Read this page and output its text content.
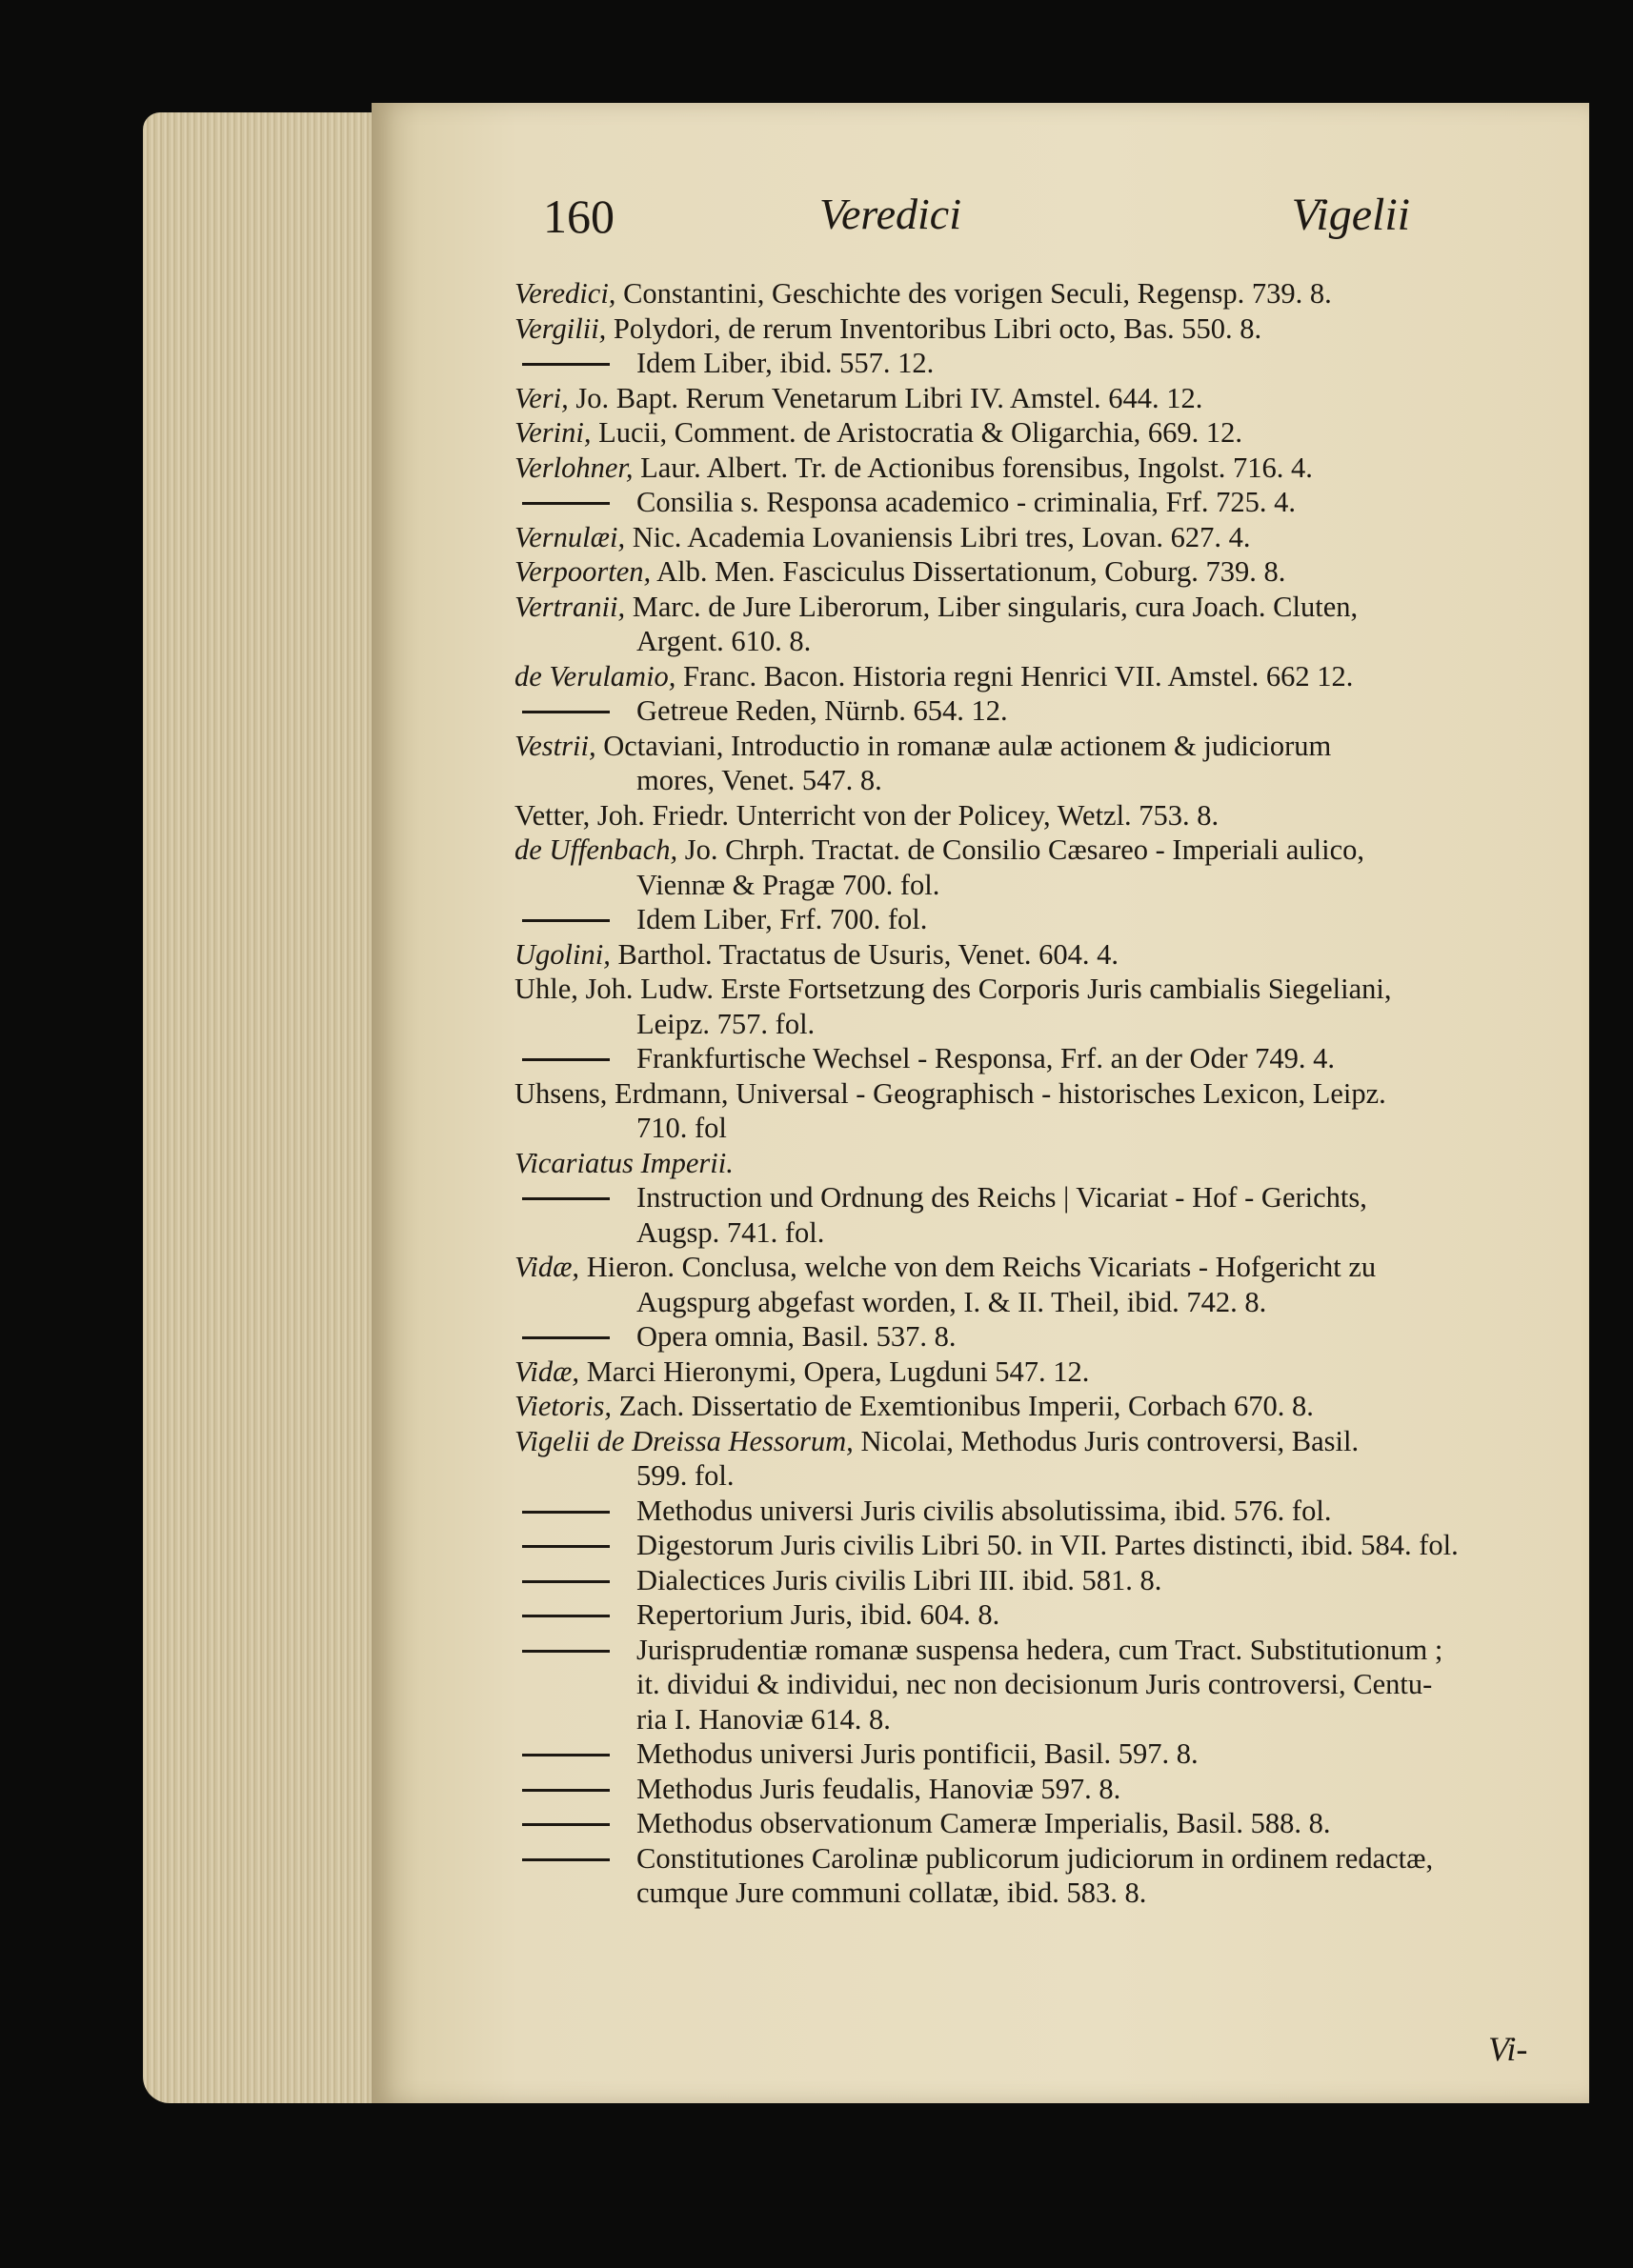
160	Veredici	Vigelii
Veredici, Constantini, Geschichte des vorigen Seculi, Regensp. 739. 8.
Vergilii, Polydori, de rerum Inventoribus Libri octo, Bas. 550. 8.
Idem Liber, ibid. 557. 12.
Veri, Jo. Bapt. Rerum Venetarum Libri IV. Amstel. 644. 12.
Verini, Lucii, Comment. de Aristocratia & Oligarchia, 669. 12.
Verlohner, Laur. Albert. Tr. de Actionibus forensibus, Ingolst. 716. 4.
Consilia s. Responsa academico - criminalia, Frf. 725. 4.
Vernulæi, Nic. Academia Lovaniensis Libri tres, Lovan. 627. 4.
Verpoorten, Alb. Men. Fasciculus Dissertationum, Coburg. 739. 8.
Vertranii, Marc. de Jure Liberorum, Liber singularis, cura Joach. Cluten,
Argent. 610. 8.
de Verulamio, Franc. Bacon. Historia regni Henrici VII. Amstel. 662 12.
Getreue Reden, Nürnb. 654. 12.
Vestrii, Octaviani, Introductio in romanæ aulæ actionem & judiciorum
mores, Venet. 547. 8.
Vetter, Joh. Friedr. Unterricht von der Policey, Wetzl. 753. 8.
de Uffenbach, Jo. Chrph. Tractat. de Consilio Cæsareo - Imperiali aulico,
Viennæ & Pragæ 700. fol.
Idem Liber, Frf. 700. fol.
Ugolini, Barthol. Tractatus de Usuris, Venet. 604. 4.
Uhle, Joh. Ludw. Erste Fortsetzung des Corporis Juris cambialis Siegeliani,
Leipz. 757. fol.
Frankfurtische Wechsel - Responsa, Frf. an der Oder 749. 4.
Uhsens, Erdmann, Universal - Geographisch - historisches Lexicon, Leipz.
710. fol
Vicariatus Imperii.
Instruction und Ordnung des Reichs | Vicariat - Hof - Gerichts,
Augsp. 741. fol.
Vidæ, Hieron. Conclusa, welche von dem Reichs Vicariats - Hofgericht zu
Augspurg abgefast worden, I. & II. Theil, ibid. 742. 8.
Opera omnia, Basil. 537. 8.
Vidæ, Marci Hieronymi, Opera, Lugduni 547. 12.
Vietoris, Zach. Dissertatio de Exemtionibus Imperii, Corbach 670. 8.
Vigelii de Dreissa Hessorum, Nicolai, Methodus Juris controversi, Basil.
599. fol.
Methodus universi Juris civilis absolutissima, ibid. 576. fol.
Digestorum Juris civilis Libri 50. in VII. Partes distincti, ibid. 584. fol.
Dialectices Juris civilis Libri III. ibid. 581. 8.
Repertorium Juris, ibid. 604. 8.
Jurisprudentiæ romanæ suspensa hedera, cum Tract. Substitutionum ;
it. dividui & individui, nec non decisionum Juris controversi, Centu-
ria I. Hanoviæ 614. 8.
Methodus universi Juris pontificii, Basil. 597. 8.
Methodus Juris feudalis, Hanoviæ 597. 8.
Methodus observationum Cameræ Imperialis, Basil. 588. 8.
Constitutiones Carolinæ publicorum judiciorum in ordinem redactæ,
cumque Jure communi collatæ, ibid. 583. 8.
Vi-
